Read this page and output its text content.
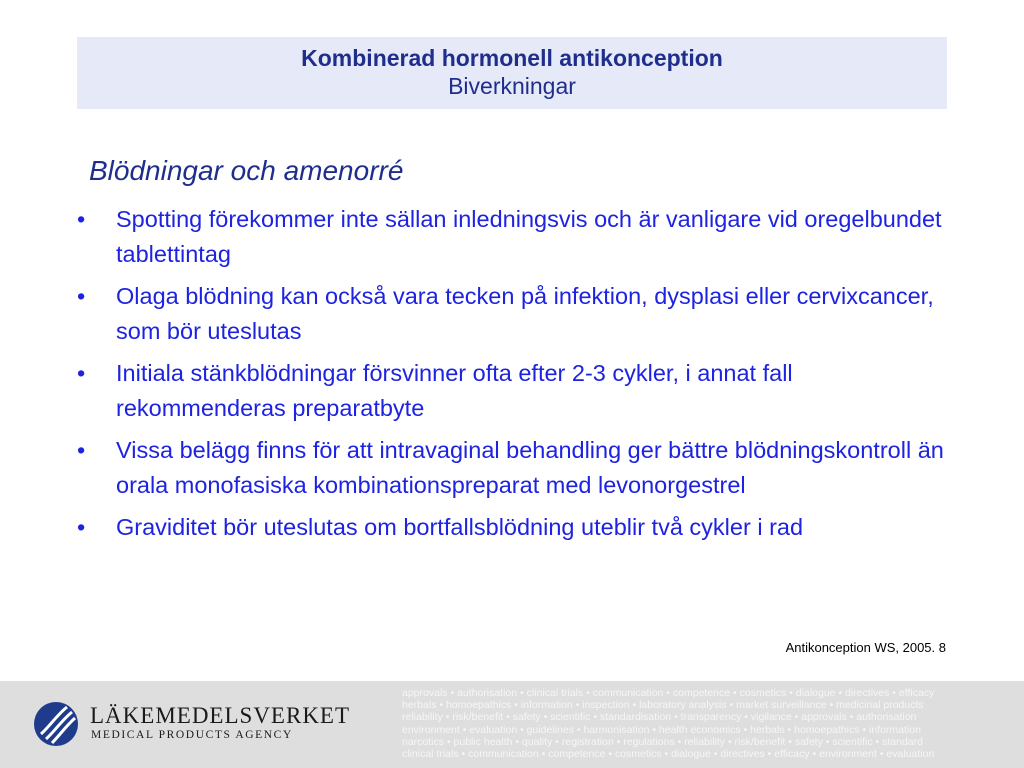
Kombinerad hormonell antikonception
Biverkningar
Blödningar och amenorré
• Spotting förekommer inte sällan inledningsvis och är vanligare vid oregelbundet tablettintag
• Olaga blödning kan också vara tecken på infektion, dysplasi eller cervixcancer, som bör uteslutas
• Initiala stänkblödningar försvinner ofta efter 2-3 cykler, i annat fall rekommenderas preparatbyte
• Vissa belägg finns för att intravaginal behandling ger bättre blödningskontroll än orala monofasiska kombinationspreparat med levonorgestrel
• Graviditet bör uteslutas om bortfallsblödning uteblir två cykler i rad
Antikonception WS, 2005. 8
LÄKEMEDELSVERKET
MEDICAL PRODUCTS AGENCY
approvals • authorisation • clinical trials • communication • competence • cosmetics • dialogue • directives • efficacy
herbals • homoepathics • information • inspection • laboratory analysis • market surveillance • medicinal products
reliability • risk/benefit • safety • scientific • standardisation • transparency • vigilance • approvals • authorisation
environment • evaluation • guidelines • harmonisation • health economics • herbals • homoepathics • information
narcotics • public health • quality • registration • regulations • reliability • risk/benefit • safety • scientific • standard
clinical trials • communication • competence • cosmetics • dialogue • directives • efficacy • environment • evaluation
